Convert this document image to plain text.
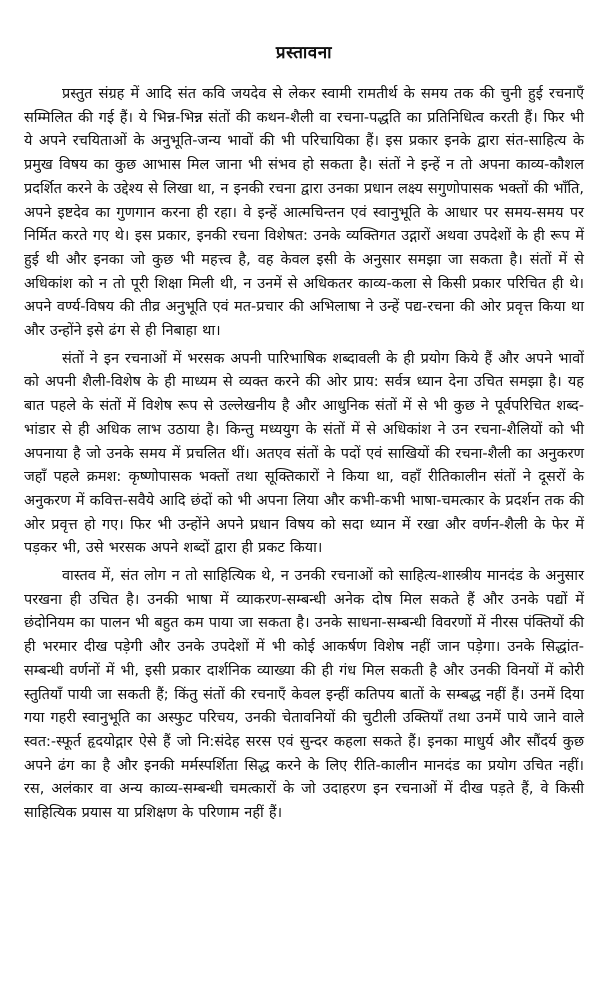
प्रस्तावना

प्रस्तुत संग्रह में आदि संत कवि जयदेव से लेकर स्वामी रामतीर्थ के समय तक की चुनी हुई रचनाएँ सम्मिलित की गई हैं। ये भिन्न-भिन्न संतों की कथन-शैली वा रचना-पद्धति का प्रतिनिधित्व करती हैं। फिर भी ये अपने रचयिताओं के अनुभूति-जन्य भावों की भी परिचायिका हैं। इस प्रकार इनके द्वारा संत-साहित्य के प्रमुख विषय का कुछ आभास मिल जाना भी संभव हो सकता है। संतों ने इन्हें न तो अपना काव्य-कौशल प्रदर्शित करने के उद्देश्य से लिखा था, न इनकी रचना द्वारा उनका प्रधान लक्ष्य सगुणोपासक भक्तों की भाँति, अपने इष्टदेव का गुणगान करना ही रहा। वे इन्हें आत्मचिन्तन एवं स्वानुभूति के आधार पर समय-समय पर निर्मित करते गए थे। इस प्रकार, इनकी रचना विशेषत: उनके व्यक्तिगत उद्गारों अथवा उपदेशों के ही रूप में हुई थी और इनका जो कुछ भी महत्त्व है, वह केवल इसी के अनुसार समझा जा सकता है। संतों में से अधिकांश को न तो पूरी शिक्षा मिली थी, न उनमें से अधिकतर काव्य-कला से किसी प्रकार परिचित ही थे। अपने वर्ण्य-विषय की तीव्र अनुभूति एवं मत-प्रचार की अभिलाषा ने उन्हें पद्य-रचना की ओर प्रवृत्त किया था और उन्होंने इसे ढंग से ही निबाहा था।

संतों ने इन रचनाओं में भरसक अपनी पारिभाषिक शब्दावली के ही प्रयोग किये हैं और अपने भावों को अपनी शैली-विशेष के ही माध्यम से व्यक्त करने की ओर प्राय: सर्वत्र ध्यान देना उचित समझा है। यह बात पहले के संतों में विशेष रूप से उल्लेखनीय है और आधुनिक संतों में से भी कुछ ने पूर्वपरिचित शब्द-भांडार से ही अधिक लाभ उठाया है। किन्तु मध्ययुग के संतों में से अधिकांश ने उन रचना-शैलियों को भी अपनाया है जो उनके समय में प्रचलित थीं। अतएव संतों के पदों एवं साखियों की रचना-शैली का अनुकरण जहाँ पहले क्रमश: कृष्णोपासक भक्तों तथा सूक्तिकारों ने किया था, वहाँ रीतिकालीन संतों ने दूसरों के अनुकरण में कवित्त-सवैये आदि छंदों को भी अपना लिया और कभी-कभी भाषा-चमत्कार के प्रदर्शन तक की ओर प्रवृत्त हो गए। फिर भी उन्होंने अपने प्रधान विषय को सदा ध्यान में रखा और वर्णन-शैली के फेर में पड़कर भी, उसे भरसक अपने शब्दों द्वारा ही प्रकट किया।

वास्तव में, संत लोग न तो साहित्यिक थे, न उनकी रचनाओं को साहित्य-शास्त्रीय मानदंड के अनुसार परखना ही उचित है। उनकी भाषा में व्याकरण-सम्बन्धी अनेक दोष मिल सकते हैं और उनके पद्यों में छंदोनियम का पालन भी बहुत कम पाया जा सकता है। उनके साधना-सम्बन्धी विवरणों में नीरस पंक्तियों की ही भरमार दीख पड़ेगी और उनके उपदेशों में भी कोई आकर्षण विशेष नहीं जान पड़ेगा। उनके सिद्धांत-सम्बन्धी वर्णनों में भी, इसी प्रकार दार्शनिक व्याख्या की ही गंध मिल सकती है और उनकी विनयों में कोरी स्तुतियाँ पायी जा सकती हैं; किंतु संतों की रचनाएँ केवल इन्हीं कतिपय बातों के सम्बद्ध नहीं हैं। उनमें दिया गया गहरी स्वानुभूति का अस्फुट परिचय, उनकी चेतावनियों की चुटीली उक्तियाँ तथा उनमें पाये जाने वाले स्वत:-स्फूर्त हृदयोद्गार ऐसे हैं जो नि:संदेह सरस एवं सुन्दर कहला सकते हैं। इनका माधुर्य और सौंदर्य कुछ अपने ढंग का है और इनकी मर्मस्पर्शिता सिद्ध करने के लिए रीति-कालीन मानदंड का प्रयोग उचित नहीं। रस, अलंकार वा अन्य काव्य-सम्बन्धी चमत्कारों के जो उदाहरण इन रचनाओं में दीख पड़ते हैं, वे किसी साहित्यिक प्रयास या प्रशिक्षण के परिणाम नहीं हैं।
